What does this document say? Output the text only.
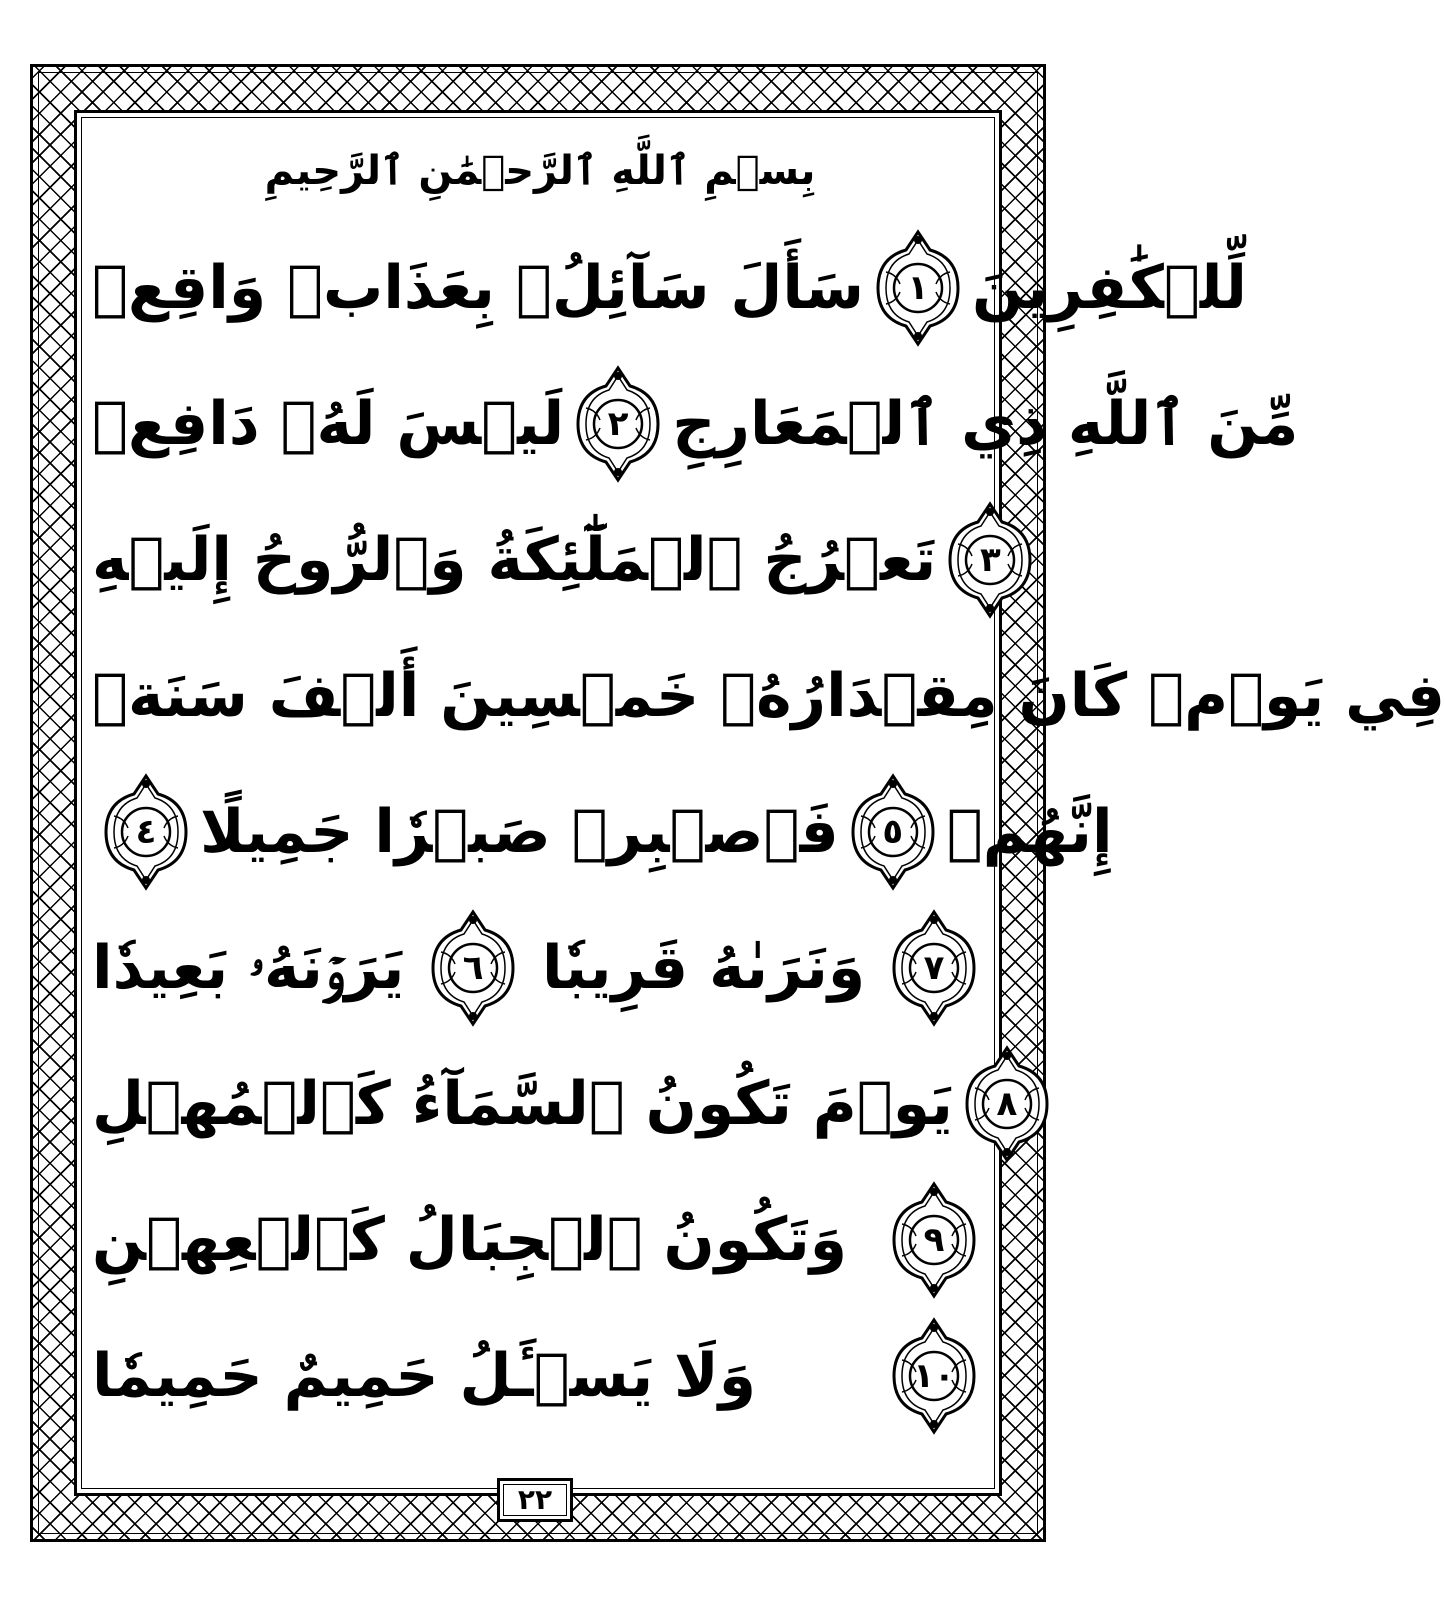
بِسۡمِ ٱللَّهِ ٱلرَّحۡمَٰنِ ٱلرَّحِيمِ
سَأَلَ سَآئِلُۢ بِعَذَابٖ وَاقِعٖ	١ لِّلۡكَٰفِرِينَ
لَيۡسَ لَهُۥ دَافِعٞ	٢ مِّنَ ٱللَّهِ ذِي ٱلۡمَعَارِجِ
تَعۡرُجُ ٱلۡمَلَٰٓئِكَةُ وَٱلرُّوحُ إِلَيۡهِ	٣
فِي يَوۡمٖ كَانَ مِقۡدَارُهُۥ خَمۡسِينَ أَلۡفَ سَنَةٖ
٤ فَٱصۡبِرۡ صَبۡرٗا جَمِيلًا	٥ إِنَّهُمۡ
يَرَوۡنَهُۥ بَعِيدٗا	٦ وَنَرَىٰهُ قَرِيبٗا	٧
يَوۡمَ تَكُونُ ٱلسَّمَآءُ كَٱلۡمُهۡلِ	٨
وَتَكُونُ ٱلۡجِبَالُ كَٱلۡعِهۡنِ	٩
وَلَا يَسۡـَٔلُ حَمِيمٌ حَمِيمٗا	١٠
٢٢
